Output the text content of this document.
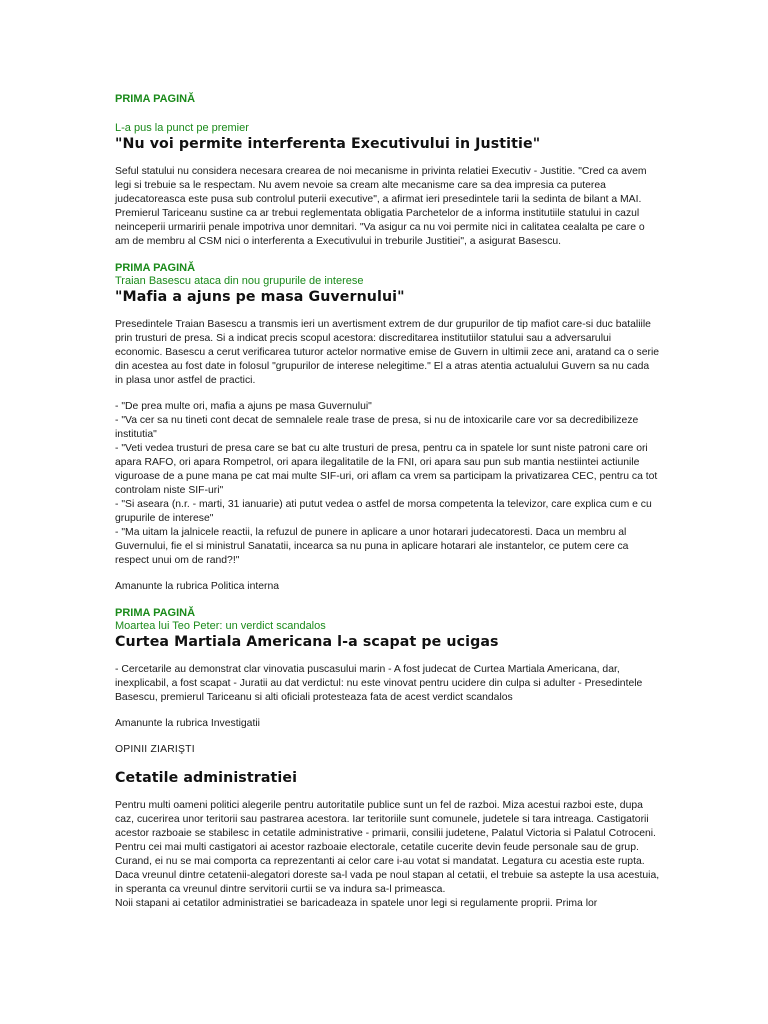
PRIMA PAGINĂ

L-a pus la punct pe premier

"Nu voi permite interferenta Executivului in Justitie"

Seful statului nu considera necesara crearea de noi mecanisme in privinta relatiei Executiv - Justitie. "Cred ca avem legi si trebuie sa le respectam. Nu avem nevoie sa cream alte mecanisme care sa dea impresia ca puterea judecatoreasca este pusa sub controlul puterii executive", a afirmat ieri presedintele tarii la sedinta de bilant a MAI. Premierul Tariceanu sustine ca ar trebui reglementata obligatia Parchetelor de a informa institutiile statului in cazul neinceperii urmaririi penale impotriva unor demnitari. "Va asigur ca nu voi permite nici in calitatea cealalta pe care o am de membru al CSM nici o interferenta a Executivului in treburile Justitiei", a asigurat Basescu.

PRIMA PAGINĂ

Traian Basescu ataca din nou grupurile de interese

"Mafia a ajuns pe masa Guvernului"

Presedintele Traian Basescu a transmis ieri un avertisment extrem de dur grupurilor de tip mafiot care-si duc bataliile prin trusturi de presa. Si a indicat precis scopul acestora: discreditarea institutiilor statului sau a adversarului economic. Basescu a cerut verificarea tuturor actelor normative emise de Guvern in ultimii zece ani, aratand ca o serie din acestea au fost date in folosul "grupurilor de interese nelegitime." El a atras atentia actualului Guvern sa nu cada in plasa unor astfel de practici.

- "De prea multe ori, mafia a ajuns pe masa Guvernului"
- "Va cer sa nu tineti cont decat de semnalele reale trase de presa, si nu de intoxicarile care vor sa decredibilizeze institutia"
- "Veti vedea trusturi de presa care se bat cu alte trusturi de presa, pentru ca in spatele lor sunt niste patroni care ori apara RAFO, ori apara Rompetrol, ori apara ilegalitatile de la FNI, ori apara sau pun sub mantia nestiintei actiunile viguroase de a pune mana pe cat mai multe SIF-uri, ori aflam ca vrem sa participam la privatizarea CEC, pentru ca tot controlam niste SIF-uri"
- "Si aseara (n.r. - marti, 31 ianuarie) ati putut vedea o astfel de morsa competenta la televizor, care explica cum e cu grupurile de interese"
- "Ma uitam la jalnicele reactii, la refuzul de punere in aplicare a unor hotarari judecatoresti. Daca un membru al Guvernului, fie el si ministrul Sanatatii, incearca sa nu puna in aplicare hotarari ale instantelor, ce putem cere ca respect unui om de rand?!"

Amanunte la rubrica Politica interna

PRIMA PAGINĂ

Moartea lui Teo Peter: un verdict scandalos

Curtea Martiala Americana l-a scapat pe ucigas

- Cercetarile au demonstrat clar vinovatia puscasului marin - A fost judecat de Curtea Martiala Americana, dar, inexplicabil, a fost scapat - Juratii au dat verdictul: nu este vinovat pentru ucidere din culpa si adulter - Presedintele Basescu, premierul Tariceanu si alti oficiali protesteaza fata de acest verdict scandalos

Amanunte la rubrica Investigatii

OPINII ZIARIŞTI

Cetatile administratiei

Pentru multi oameni politici alegerile pentru autoritatile publice sunt un fel de razboi. Miza acestui razboi este, dupa caz, cucerirea unor teritorii sau pastrarea acestora. Iar teritoriile sunt comunele, judetele si tara intreaga. Castigatorii acestor razboaie se stabilesc in cetatile administrative - primarii, consilii judetene, Palatul Victoria si Palatul Cotroceni. Pentru cei mai multi castigatori ai acestor razboaie electorale, cetatile cucerite devin feude personale sau de grup. Curand, ei nu se mai comporta ca reprezentanti ai celor care i-au votat si mandatat. Legatura cu acestia este rupta. Daca vreunul dintre cetatenii-alegatori doreste sa-l vada pe noul stapan al cetatii, el trebuie sa astepte la usa acestuia, in speranta ca vreunul dintre servitorii curtii se va indura sa-l primeasca.

Noii stapani ai cetatilor administratiei se baricadeaza in spatele unor legi si regulamente proprii. Prima lor
